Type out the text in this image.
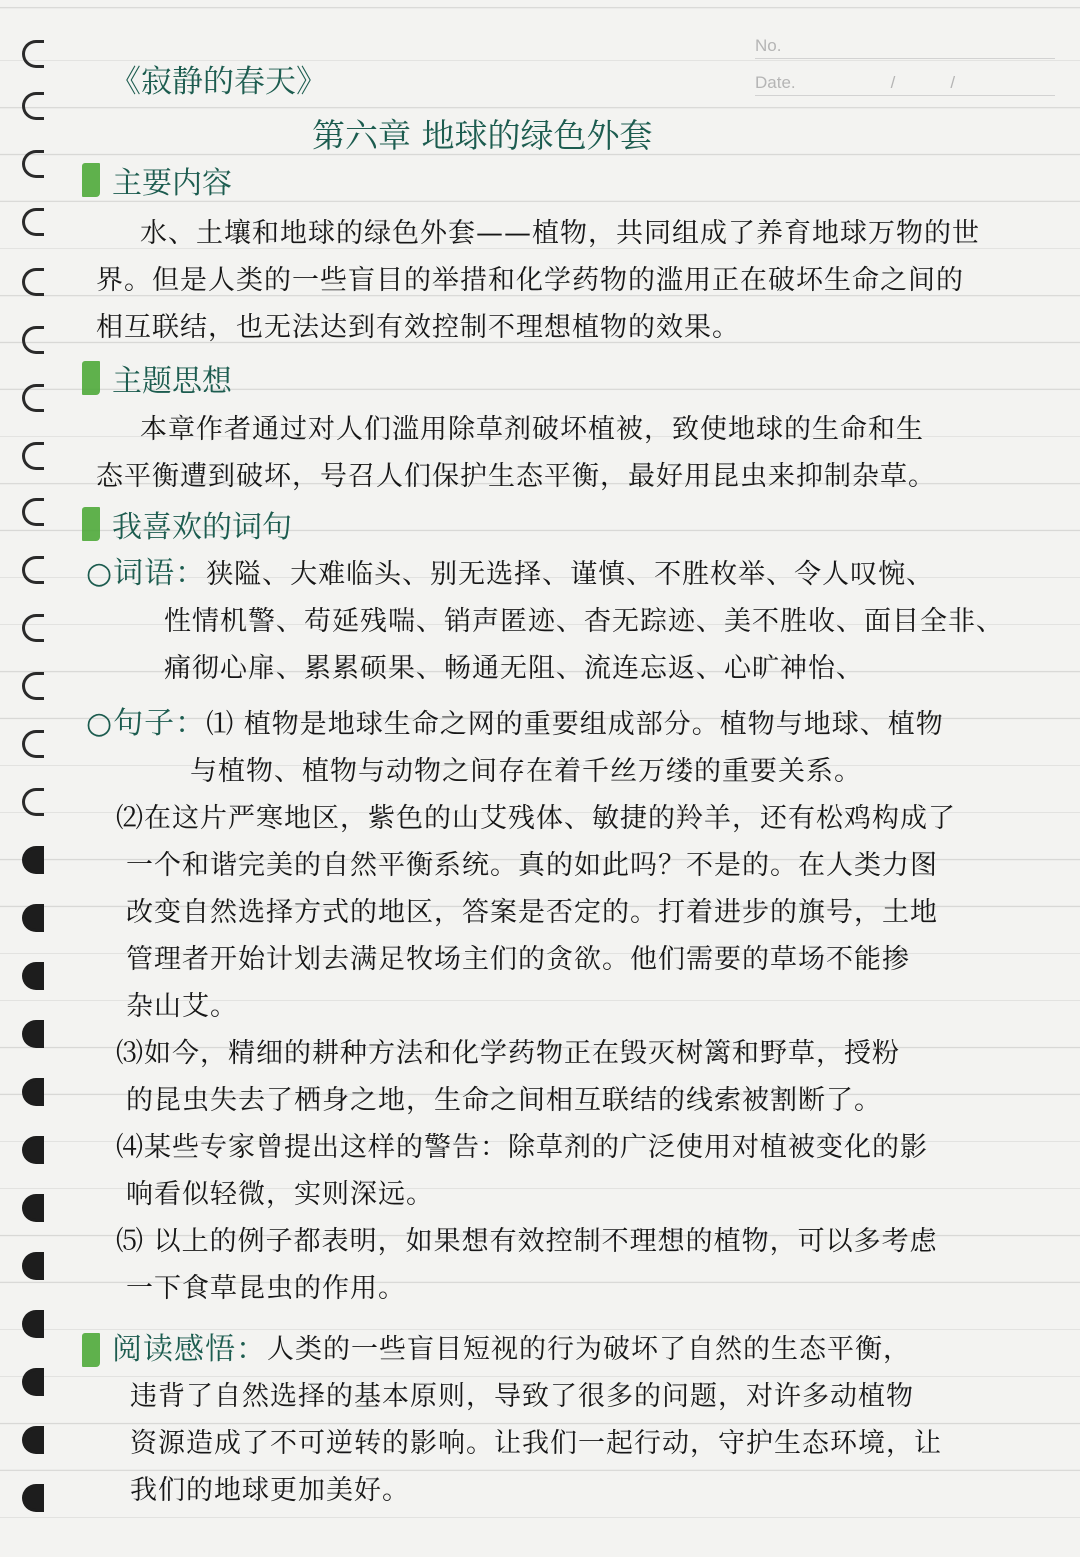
No.
Date.	/	/
《寂静的春天》
第六章 地球的绿色外套
主要内容
水、土壤和地球的绿色外套——植物，共同组成了养育地球万物的世
界。但是人类的一些盲目的举措和化学药物的滥用正在破坏生命之间的
相互联结，也无法达到有效控制不理想植物的效果。
主题思想
本章作者通过对人们滥用除草剂破坏植被，致使地球的生命和生
态平衡遭到破坏，号召人们保护生态平衡，最好用昆虫来抑制杂草。
我喜欢的词句
○词语：狭隘、大难临头、别无选择、谨慎、不胜枚举、令人叹惋、
性情机警、苟延残喘、销声匿迹、杳无踪迹、美不胜收、面目全非、
痛彻心扉、累累硕果、畅通无阻、流连忘返、心旷神怡、
○句子：⑴ 植物是地球生命之网的重要组成部分。植物与地球、植物
与植物、植物与动物之间存在着千丝万缕的重要关系。
⑵在这片严寒地区，紫色的山艾残体、敏捷的羚羊，还有松鸡构成了
一个和谐完美的自然平衡系统。真的如此吗？不是的。在人类力图
改变自然选择方式的地区，答案是否定的。打着进步的旗号，土地
管理者开始计划去满足牧场主们的贪欲。他们需要的草场不能掺
杂山艾。
⑶如今，精细的耕种方法和化学药物正在毁灭树篱和野草，授粉
的昆虫失去了栖身之地，生命之间相互联结的线索被割断了。
⑷某些专家曾提出这样的警告：除草剂的广泛使用对植被变化的影
响看似轻微，实则深远。
⑸ 以上的例子都表明，如果想有效控制不理想的植物，可以多考虑
一下食草昆虫的作用。
阅读感悟： 人类的一些盲目短视的行为破坏了自然的生态平衡，
违背了自然选择的基本原则，导致了很多的问题，对许多动植物
资源造成了不可逆转的影响。让我们一起行动，守护生态环境，让
我们的地球更加美好。
